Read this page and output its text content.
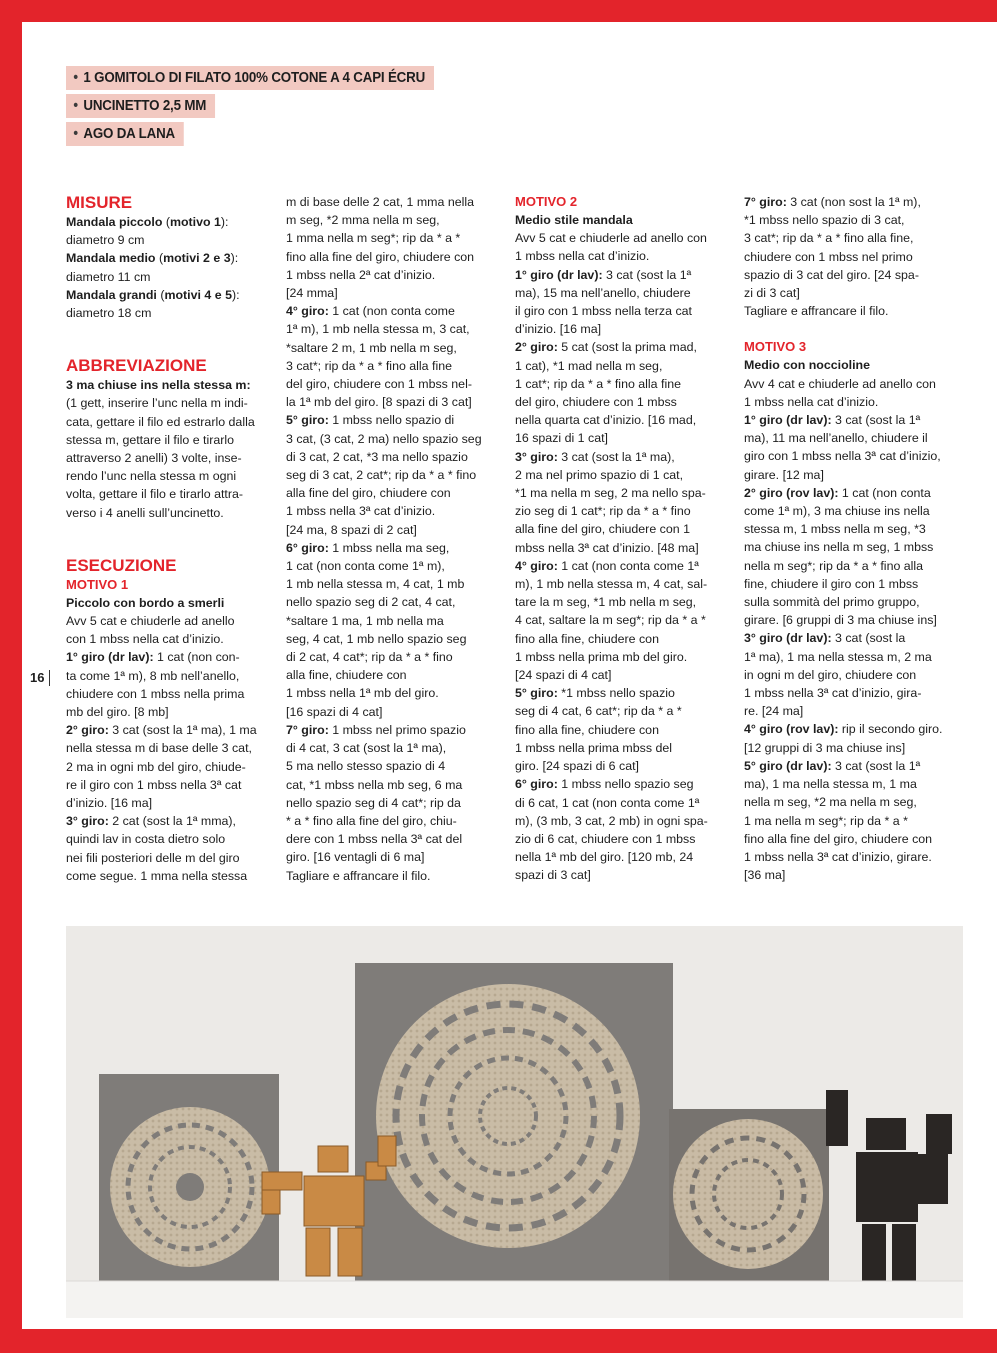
• 1 GOMITOLO DI FILATO 100% COTONE A 4 CAPI ÉCRU
• UNCINETTO 2,5 MM
• AGO DA LANA
16

MISURE

Mandala piccolo (motivo 1):

diametro 9 cm

Mandala medio (motivi 2 e 3):

diametro 11 cm

Mandala grandi (motivi 4 e 5):

diametro 18 cm

ABBREVIAZIONE

3 ma chiuse ins nella stessa m:

(1 gett, inserire l’unc nella m indi-

cata, gettare il filo ed estrarlo dalla

stessa m, gettare il filo e tirarlo

attraverso 2 anelli) 3 volte, inse-

rendo l’unc nella stessa m ogni

volta, gettare il filo e tirarlo attra-

verso i 4 anelli sull’uncinetto.

ESECUZIONE

MOTIVO 1

Piccolo con bordo a smerli

Avv 5 cat e chiuderle ad anello

con 1 mbss nella cat d’inizio.

1° giro (dr lav): 1 cat (non con-

ta come 1ª m), 8 mb nell’anello,

chiudere con 1 mbss nella prima

mb del giro. [8 mb]

2° giro: 3 cat (sost la 1ª ma), 1 ma

nella stessa m di base delle 3 cat,

2 ma in ogni mb del giro, chiude-

re il giro con 1 mbss nella 3ª cat

d’inizio. [16 ma]

3° giro: 2 cat (sost la 1ª mma),

quindi lav in costa dietro solo

nei fili posteriori delle m del giro

come segue. 1 mma nella stessa

m di base delle 2 cat, 1 mma nella

m seg, *2 mma nella m seg,

1 mma nella m seg*; rip da * a *

fino alla fine del giro, chiudere con

1 mbss nella 2ª cat d’inizio.

[24 mma]

4° giro: 1 cat (non conta come

1ª m), 1 mb nella stessa m, 3 cat,

*saltare 2 m, 1 mb nella m seg,

3 cat*; rip da * a * fino alla fine

del giro, chiudere con 1 mbss nel-

la 1ª mb del giro. [8 spazi di 3 cat]

5° giro: 1 mbss nello spazio di

3 cat, (3 cat, 2 ma) nello spazio seg

di 3 cat, 2 cat, *3 ma nello spazio

seg di 3 cat, 2 cat*; rip da * a * fino

alla fine del giro, chiudere con

1 mbss nella 3ª cat d’inizio.

[24 ma, 8 spazi di 2 cat]

6° giro: 1 mbss nella ma seg,

1 cat (non conta come 1ª m),

1 mb nella stessa m, 4 cat, 1 mb

nello spazio seg di 2 cat, 4 cat,

*saltare 1 ma, 1 mb nella ma

seg, 4 cat, 1 mb nello spazio seg

di 2 cat, 4 cat*; rip da * a * fino

alla fine, chiudere con

1 mbss nella 1ª mb del giro.

[16 spazi di 4 cat]

7° giro: 1 mbss nel primo spazio

di 4 cat, 3 cat (sost la 1ª ma),

5 ma nello stesso spazio di 4

cat, *1 mbss nella mb seg, 6 ma

nello spazio seg di 4 cat*; rip da

* a * fino alla fine del giro, chiu-

dere con 1 mbss nella 3ª cat del

giro. [16 ventagli di 6 ma]

Tagliare e affrancare il filo.

MOTIVO 2

Medio stile mandala

Avv 5 cat e chiuderle ad anello con

1 mbss nella cat d’inizio.

1° giro (dr lav): 3 cat (sost la 1ª

ma), 15 ma nell’anello, chiudere

il giro con 1 mbss nella terza cat

d’inizio. [16 ma]

2° giro: 5 cat (sost la prima mad,

1 cat), *1 mad nella m seg,

1 cat*; rip da * a * fino alla fine

del giro, chiudere con 1 mbss

nella quarta cat d’inizio. [16 mad,

16 spazi di 1 cat]

3° giro: 3 cat (sost la 1ª ma),

2 ma nel primo spazio di 1 cat,

*1 ma nella m seg, 2 ma nello spa-

zio seg di 1 cat*; rip da * a * fino

alla fine del giro, chiudere con 1

mbss nella 3ª cat d’inizio. [48 ma]

4° giro: 1 cat (non conta come 1ª

m), 1 mb nella stessa m, 4 cat, sal-

tare la m seg, *1 mb nella m seg,

4 cat, saltare la m seg*; rip da * a *

fino alla fine, chiudere con

1 mbss nella prima mb del giro.

[24 spazi di 4 cat]

5° giro: *1 mbss nello spazio

seg di 4 cat, 6 cat*; rip da * a *

fino alla fine, chiudere con

1 mbss nella prima mbss del

giro. [24 spazi di 6 cat]

6° giro: 1 mbss nello spazio seg

di 6 cat, 1 cat (non conta come 1ª

m), (3 mb, 3 cat, 2 mb) in ogni spa-

zio di 6 cat, chiudere con 1 mbss

nella 1ª mb del giro. [120 mb, 24

spazi di 3 cat]

7° giro: 3 cat (non sost la 1ª m),

*1 mbss nello spazio di 3 cat,

3 cat*; rip da * a * fino alla fine,

chiudere con 1 mbss nel primo

spazio di 3 cat del giro. [24 spa-

zi di 3 cat]

Tagliare e affrancare il filo.

MOTIVO 3

Medio con noccioline

Avv 4 cat e chiuderle ad anello con

1 mbss nella cat d’inizio.

1° giro (dr lav): 3 cat (sost la 1ª

ma), 11 ma nell’anello, chiudere il

giro con 1 mbss nella 3ª cat d’inizio,

girare. [12 ma]

2° giro (rov lav): 1 cat (non conta

come 1ª m), 3 ma chiuse ins nella

stessa m, 1 mbss nella m seg, *3

ma chiuse ins nella m seg, 1 mbss

nella m seg*; rip da * a * fino alla

fine, chiudere il giro con 1 mbss

sulla sommità del primo gruppo,

girare. [6 gruppi di 3 ma chiuse ins]

3° giro (dr lav): 3 cat (sost la

1ª ma), 1 ma nella stessa m, 2 ma

in ogni m del giro, chiudere con

1 mbss nella 3ª cat d’inizio, gira-

re. [24 ma]

4° giro (rov lav): rip il secondo giro.

[12 gruppi di 3 ma chiuse ins]

5° giro (dr lav): 3 cat (sost la 1ª

ma), 1 ma nella stessa m, 1 ma

nella m seg, *2 ma nella m seg,

1 ma nella m seg*; rip da * a *

fino alla fine del giro, chiudere con

1 mbss nella 3ª cat d’inizio, girare.

[36 ma]
